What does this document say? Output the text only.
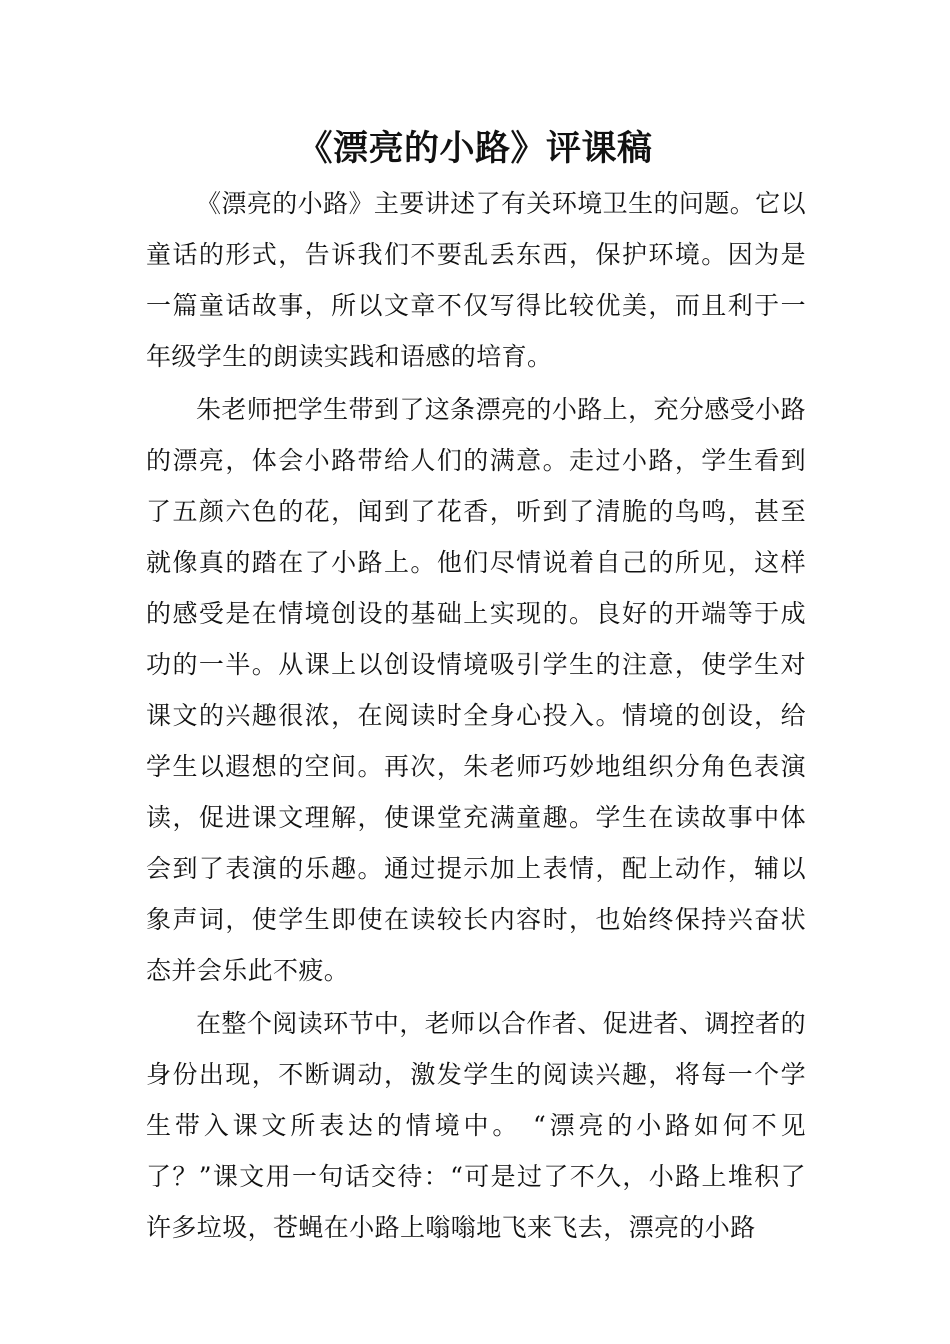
《漂亮的小路》评课稿

《漂亮的小路》主要讲述了有关环境卫生的问题。它以童话的形式，告诉我们不要乱丢东西，保护环境。因为是一篇童话故事，所以文章不仅写得比较优美，而且利于一年级学生的朗读实践和语感的培育。

朱老师把学生带到了这条漂亮的小路上，充分感受小路的漂亮，体会小路带给人们的满意。走过小路，学生看到了五颜六色的花，闻到了花香，听到了清脆的鸟鸣，甚至就像真的踏在了小路上。他们尽情说着自己的所见，这样的感受是在情境创设的基础上实现的。良好的开端等于成功的一半。从课上以创设情境吸引学生的注意，使学生对课文的兴趣很浓，在阅读时全身心投入。情境的创设，给学生以遐想的空间。再次，朱老师巧妙地组织分角色表演读，促进课文理解，使课堂充满童趣。学生在读故事中体会到了表演的乐趣。通过提示加上表情，配上动作，辅以象声词，使学生即使在读较长内容时，也始终保持兴奋状态并会乐此不疲。

在整个阅读环节中，老师以合作者、促进者、调控者的身份出现，不断调动，激发学生的阅读兴趣，将每一个学生带入课文所表达的情境中。 “漂亮的小路如何不见了？”课文用一句话交待：“可是过了不久，小路上堆积了许多垃圾，苍蝇在小路上嗡嗡地飞来飞去，漂亮的小路
